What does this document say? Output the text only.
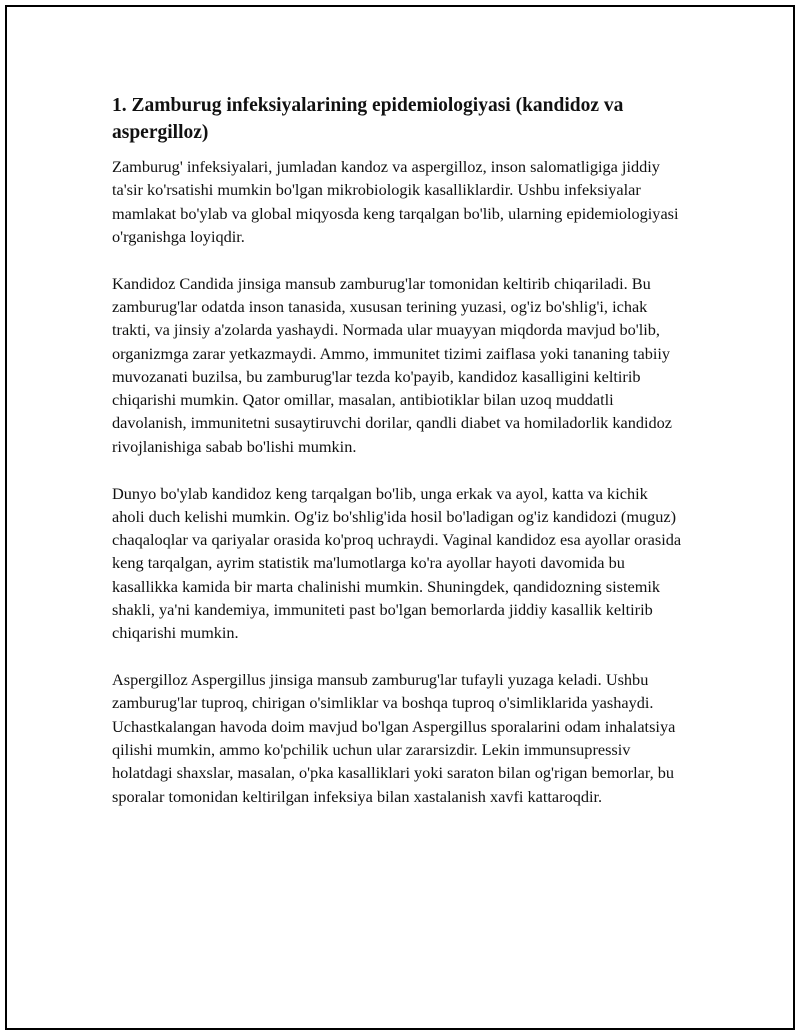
1. Zamburug infeksiyalarining epidemiologiyasi (kandidoz va aspergilloz)

Zamburug' infeksiyalari, jumladan kandoz va aspergilloz, inson salomatligiga jiddiy ta'sir ko'rsatishi mumkin bo'lgan mikrobiologik kasalliklardir. Ushbu infeksiyalar mamlakat bo'ylab va global miqyosda keng tarqalgan bo'lib, ularning epidemiologiyasi o'rganishga loyiqdir.

Kandidoz Candida jinsiga mansub zamburug'lar tomonidan keltirib chiqariladi. Bu zamburug'lar odatda inson tanasida, xususan terining yuzasi, og'iz bo'shlig'i, ichak trakti, va jinsiy a'zolarda yashaydi. Normada ular muayyan miqdorda mavjud bo'lib, organizmga zarar yetkazmaydi. Ammo, immunitet tizimi zaiflasa yoki tananing tabiiy muvozanati buzilsa, bu zamburug'lar tezda ko'payib, kandidoz kasalligini keltirib chiqarishi mumkin. Qator omillar, masalan, antibiotiklar bilan uzoq muddatli davolanish, immunitetni susaytiruvchi dorilar, qandli diabet va homiladorlik kandidoz rivojlanishiga sabab bo'lishi mumkin.

Dunyo bo'ylab kandidoz keng tarqalgan bo'lib, unga erkak va ayol, katta va kichik aholi duch kelishi mumkin. Og'iz bo'shlig'ida hosil bo'ladigan og'iz kandidozi (muguz) chaqaloqlar va qariyalar orasida ko'proq uchraydi. Vaginal kandidoz esa ayollar orasida keng tarqalgan, ayrim statistik ma'lumotlarga ko'ra ayollar hayoti davomida bu kasallikka kamida bir marta chalinishi mumkin. Shuningdek, qandidozning sistemik shakli, ya'ni kandemiya, immuniteti past bo'lgan bemorlarda jiddiy kasallik keltirib chiqarishi mumkin.

Aspergilloz Aspergillus jinsiga mansub zamburug'lar tufayli yuzaga keladi. Ushbu zamburug'lar tuproq, chirigan o'simliklar va boshqa tuproq o'simliklarida yashaydi. Uchastkalangan havoda doim mavjud bo'lgan Aspergillus sporalarini odam inhalatsiya qilishi mumkin, ammo ko'pchilik uchun ular zararsizdir. Lekin immunsupressiv holatdagi shaxslar, masalan, o'pka kasalliklari yoki saraton bilan og'rigan bemorlar, bu sporalar tomonidan keltirilgan infeksiya bilan xastalanish xavfi kattaroqdir.
